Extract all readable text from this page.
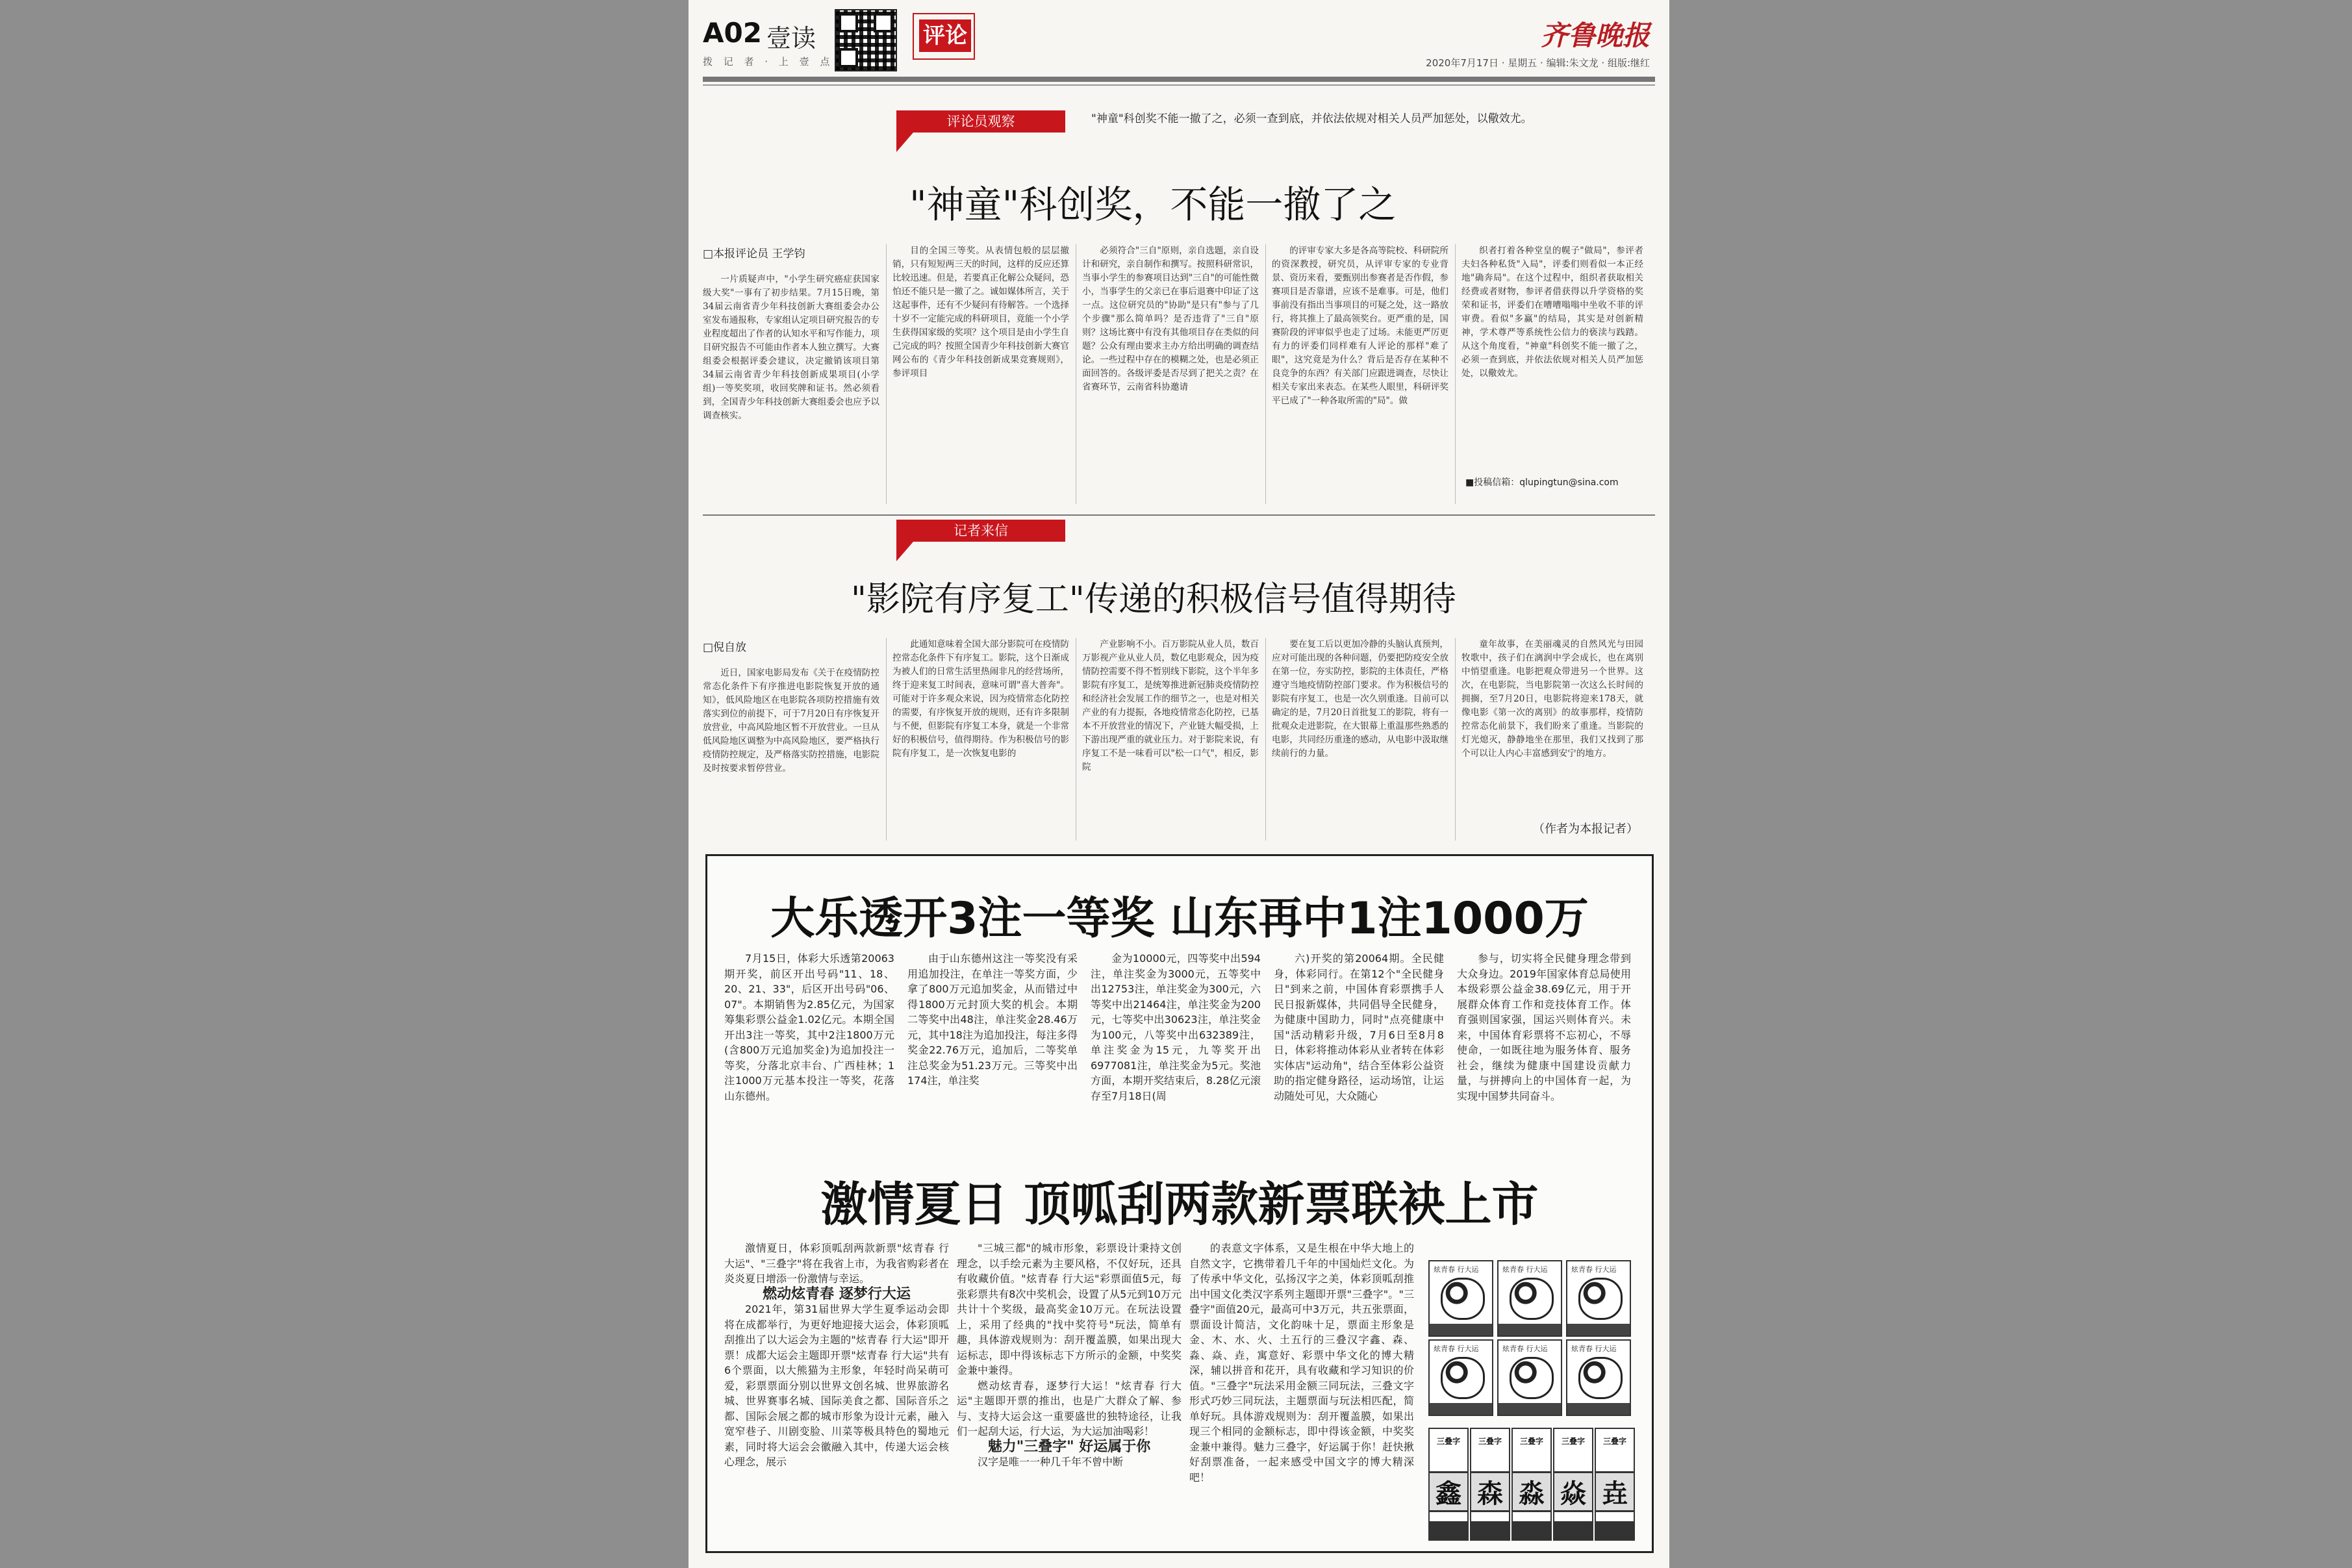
A02 壹读
拨 记 者 · 上 壹 点
评论	齐鲁晚报
2020年7月17日 · 星期五 · 编辑:朱文龙 · 组版:继红
评论员观察	"神童"科创奖不能一撤了之，必须一查到底，并依法依规对相关人员严加惩处，以儆效尤。
"神童"科创奖，不能一撤了之
□本报评论员 王学钧

一片质疑声中，"小学生研究癌症获国家级大奖"一事有了初步结果。7月15日晚，第34届云南省青少年科技创新大赛组委会办公室发布通报称，专家组认定项目研究报告的专业程度超出了作者的认知水平和写作能力，项目研究报告不可能由作者本人独立撰写。大赛组委会根据评委会建议，决定撤销该项目第34届云南省青少年科技创新成果项目(小学组)一等奖奖项，收回奖牌和证书。然必须看到，全国青少年科技创新大赛组委会也应予以调查核实。

目的全国三等奖。从表情包般的层层撤销，只有短短两三天的时间，这样的反应还算比较迅速。但是，若要真正化解公众疑问，恐怕还不能只是一撤了之。诚如媒体所言，关于这起事件，还有不少疑问有待解答。一个选择十岁不一定能完成的科研项目，竟能一个小学生获得国家级的奖项？这个项目是由小学生自己完成的吗？按照全国青少年科技创新大赛官网公布的《青少年科技创新成果竞赛规则》，参评项目

必须符合"三自"原则，亲自选题，亲自设计和研究，亲自制作和撰写。按照科研常识，当事小学生的参赛项目达到"三自"的可能性微小，当事学生的父亲已在事后退赛中印证了这一点。这位研究员的"协助"是只有"参与了几个步骤"那么简单吗？是否违背了"三自"原则？这场比赛中有没有其他项目存在类似的问题？公众有理由要求主办方给出明确的调查结论。一些过程中存在的模糊之处，也是必须正面回答的。各级评委是否尽到了把关之责？在省赛环节，云南省科协邀请

的评审专家大多是各高等院校、科研院所的资深教授，研究员，从评审专家的专业背景、资历来看，要甄别出参赛者是否作假，参赛项目是否靠谱，应该不是难事。可是，他们事前没有指出当事项目的可疑之处，这一路放行，将其推上了最高领奖台。更严重的是，国赛阶段的评审似乎也走了过场。未能更严厉更有力的评委们同样难有人评论的那样"难了眼"，这究竟是为什么？背后是否存在某种不良竞争的东西？有关部门应跟进调查，尽快让相关专家出来表态。在某些人眼里，科研评奖平已成了"一种各取所需的"局"。做

织者打着各种堂皇的幌子"做局"，参评者夫妇各种私货"入局"，评委们则看似一本正经地"确奔局"。在这个过程中，组织者获取相关经费或者财物，参评者借获得以升学资格的奖荣和证书，评委们在嘈嘈嗡嗡中坐收不菲的评审费。看似"多赢"的结局，其实是对创新精神，学术尊严等系统性公信力的亵渎与践踏。从这个角度看，"神童"科创奖不能一撤了之，必须一查到底，并依法依规对相关人员严加惩处，以儆效尤。

■投稿信箱：qlupingtun@sina.com
记者来信
"影院有序复工"传递的积极信号值得期待
□倪自放

近日，国家电影局发布《关于在疫情防控常态化条件下有序推进电影院恢复开放的通知》，低风险地区在电影院各项防控措施有效落实到位的前提下，可于7月20日有序恢复开放营业，中高风险地区暂不开放营业。一旦从低风险地区调整为中高风险地区，要严格执行疫情防控规定，及严格落实防控措施，电影院及时按要求暂停营业。

此通知意味着全国大部分影院可在疫情防控常态化条件下有序复工。影院，这个日渐成为被人们的日常生活里热闹非凡的经营场所，终于迎来复工时间表，意味可谓"喜大普奔"。可能对于许多观众来说，因为疫情常态化防控的需要，有序恢复开放的规则，还有许多限制与不便，但影院有序复工本身，就是一个非常好的积极信号，值得期待。作为积极信号的影院有序复工，是一次恢复电影的

产业影响不小。百万影院从业人员，数百万影视产业从业人员，数亿电影观众，因为疫情防控需要不得不暂别线下影院，这个半年多影院有序复工，是统筹推进新冠肺炎疫情防控和经济社会发展工作的细节之一，也是对相关产业的有力提振，各地疫情常态化防控，已基本不开放营业的情况下，产业链大幅受损，上下游出现严重的就业压力。对于影院来说，有序复工不是一味看可以"松一口气"，相反，影院

要在复工后以更加冷静的头脑认真预判，应对可能出现的各种问题，仍要把防疫安全放在第一位，夯实防控，影院的主体责任，严格遵守当地疫情防控部门要求。作为积极信号的影院有序复工，也是一次久别重逢。目前可以确定的是，7月20日首批复工的影院，将有一批观众走进影院，在大银幕上重温那些熟悉的电影，共同经历重逢的感动，从电影中汲取继续前行的力量。

童年故事，在美丽魂灵的自然风光与田园牧歌中，孩子们在漓润中学会成长，也在离别中悄望重逢。电影把观众带进另一个世界。这次，在电影院，当电影院第一次这么长时间的拥搁，至7月20日，电影院将迎来178天，就像电影《第一次的离别》的故事那样，疫情防控常态化前景下，我们盼来了重逢。当影院的灯光熄灭，静静地坐在那里，我们又找到了那个可以让人内心丰富感到安宁的地方。

（作者为本报记者）
大乐透开3注一等奖 山东再中1注1000万

7月15日，体彩大乐透第20063期开奖，前区开出号码"11、18、20、21、33"，后区开出号码"06、07"。本期销售为2.85亿元，为国家筹集彩票公益金1.02亿元。本期全国开出3注一等奖，其中2注1800万元(含800万元追加奖金)为追加投注一等奖，分落北京丰台、广西桂林；1注1000万元基本投注一等奖，花落山东德州。

由于山东德州这注一等奖没有采用追加投注，在单注一等奖方面，少拿了800万元追加奖金，从而错过中得1800万元封顶大奖的机会。本期二等奖中出48注，单注奖金28.46万元，其中18注为追加投注，每注多得奖金22.76万元，追加后，二等奖单注总奖金为51.23万元。三等奖中出174注，单注奖

金为10000元，四等奖中出594注，单注奖金为3000元，五等奖中出12753注，单注奖金为300元，六等奖中出21464注，单注奖金为200元，七等奖中出30623注，单注奖金为100元，八等奖中出632389注，单注奖金为15元，九等奖开出6977081注，单注奖金为5元。奖池方面，本期开奖结束后，8.28亿元滚存至7月18日(周

六)开奖的第20064期。全民健身，体彩同行。在第12个"全民健身日"到来之前，中国体育彩票携手人民日报新媒体，共同倡导全民健身，为健康中国助力，同时"点亮健康中国"活动精彩升级，7月6日至8月8日，体彩将推动体彩从业者转在体彩实体店"运动角"，结合至体彩公益资助的指定健身路径，运动场馆，让运动随处可见，大众随心

参与，切实将全民健身理念带到大众身边。2019年国家体育总局使用本级彩票公益金38.69亿元，用于开展群众体育工作和竞技体育工作。体育强则国家强，国运兴则体育兴。未来，中国体育彩票将不忘初心，不辱使命，一如既往地为服务体育、服务社会，继续为健康中国建设贡献力量，与拼搏向上的中国体育一起，为实现中国梦共同奋斗。

激情夏日 顶呱刮两款新票联袂上市

激情夏日，体彩顶呱刮两款新票"炫青春 行大运"、"三叠字"将在我省上市，为我省购彩者在炎炎夏日增添一份激情与幸运。

燃动炫青春 逐梦行大运

2021年，第31届世界大学生夏季运动会即将在成都举行，为更好地迎接大运会，体彩顶呱刮推出了以大运会为主题的"炫青春 行大运"即开票！成都大运会主题即开票"炫青春 行大运"共有6个票面，以大熊猫为主形象，年轻时尚呆萌可爱，彩票票面分别以世界文创名城、世界旅游名城、世界赛事名城、国际美食之都、国际音乐之都、国际会展之都的城市形象为设计元素，融入宽窄巷子、川剧变脸、川菜等极具特色的蜀地元素，同时将大运会会徽融入其中，传递大运会核心理念，展示

"三城三都"的城市形象，彩票设计秉持文创理念，以手绘元素为主要风格，不仅好玩，还具有收藏价值。"炫青春 行大运"彩票面值5元，每张彩票共有8次中奖机会，设置了从5元到10万元共计十个奖级，最高奖金10万元。在玩法设置上，采用了经典的"找中奖符号"玩法，简单有趣，具体游戏规则为：刮开覆盖膜，如果出现大运标志，即中得该标志下方所示的金额，中奖奖金兼中兼得。

燃动炫青春，逐梦行大运！"炫青春 行大运"主题即开票的推出，也是广大群众了解、参与、支持大运会这一重要盛世的独特途径，让我们一起刮大运，行大运，为大运加油喝彩！

魅力"三叠字" 好运属于你

汉字是唯一一种几千年不曾中断

的表意文字体系，又是生根在中华大地上的自然文字，它携带着几千年的中国灿烂文化。为了传承中华文化，弘扬汉字之美，体彩顶呱刮推出中国文化类汉字系列主题即开票"三叠字"。"三叠字"面值20元，最高可中3万元，共五张票面，票面设计简洁，文化韵味十足，票面主形象是金、木、水、火、土五行的三叠汉字鑫、森、淼、焱、垚，寓意好、彩票中华文化的博大精深，辅以拼音和花开，具有收藏和学习知识的价值。"三叠字"玩法采用金额三同玩法，三叠文字形式巧妙三同玩法，主题票面与玩法相匹配，简单好玩。具体游戏规则为：刮开覆盖膜，如果出现三个相同的金额标志，即中得该金额，中奖奖金兼中兼得。魅力三叠字，好运属于你！赶快揪好刮票准备，一起来感受中国文字的博大精深吧！

炫青春 行大运	炫青春 行大运	炫青春 行大运
炫青春 行大运	炫青春 行大运	炫青春 行大运
三叠字
鑫
三叠字
森
三叠字
淼
三叠字
焱
三叠字
垚
